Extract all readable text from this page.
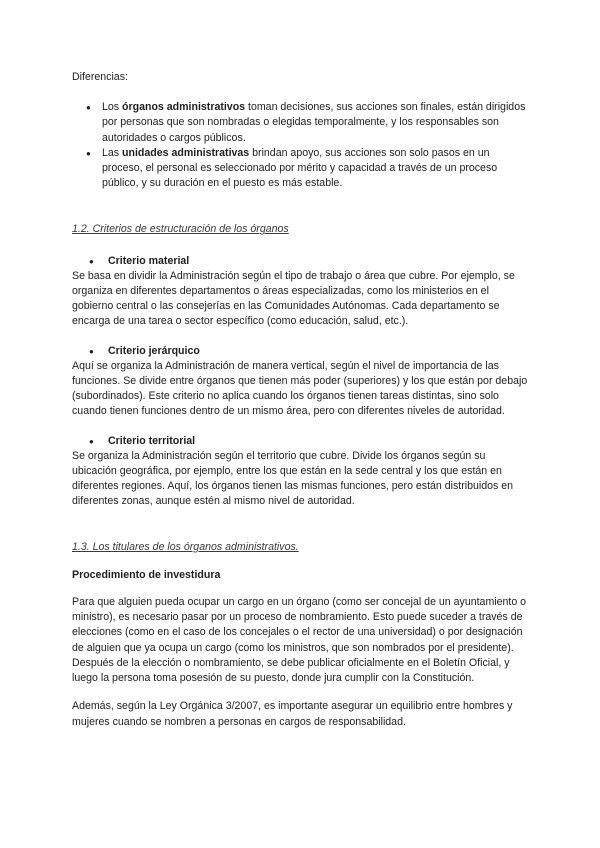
Diferencias:

● Los órganos administrativos toman decisiones, sus acciones son finales, están dirigidos por personas que son nombradas o elegidas temporalmente, y los responsables son autoridades o cargos públicos.
● Las unidades administrativas brindan apoyo, sus acciones son solo pasos en un proceso, el personal es seleccionado por mérito y capacidad a través de un proceso público, y su duración en el puesto es más estable.

1.2. Criterios de estructuración de los órganos

● Criterio material

Se basa en dividir la Administración según el tipo de trabajo o área que cubre. Por ejemplo, se organiza en diferentes departamentos o áreas especializadas, como los ministerios en el gobierno central o las consejerías en las Comunidades Autónomas. Cada departamento se encarga de una tarea o sector específico (como educación, salud, etc.).

● Criterio jerárquico

Aquí se organiza la Administración de manera vertical, según el nivel de importancia de las funciones. Se divide entre órganos que tienen más poder (superiores) y los que están por debajo (subordinados). Este criterio no aplica cuando los órganos tienen tareas distintas, sino solo cuando tienen funciones dentro de un mismo área, pero con diferentes niveles de autoridad.

● Criterio territorial

Se organiza la Administración según el territorio que cubre. Divide los órganos según su ubicación geográfica, por ejemplo, entre los que están en la sede central y los que están en diferentes regiones. Aquí, los órganos tienen las mismas funciones, pero están distribuidos en diferentes zonas, aunque estén al mismo nivel de autoridad.

1.3. Los titulares de los órganos administrativos.

Procedimiento de investidura

Para que alguien pueda ocupar un cargo en un órgano (como ser concejal de un ayuntamiento o ministro), es necesario pasar por un proceso de nombramiento. Esto puede suceder a través de elecciones (como en el caso de los concejales o el rector de una universidad) o por designación de alguien que ya ocupa un cargo (como los ministros, que son nombrados por el presidente). Después de la elección o nombramiento, se debe publicar oficialmente en el Boletín Oficial, y luego la persona toma posesión de su puesto, donde jura cumplir con la Constitución.

Además, según la Ley Orgánica 3/2007, es importante asegurar un equilibrio entre hombres y mujeres cuando se nombren a personas en cargos de responsabilidad.
